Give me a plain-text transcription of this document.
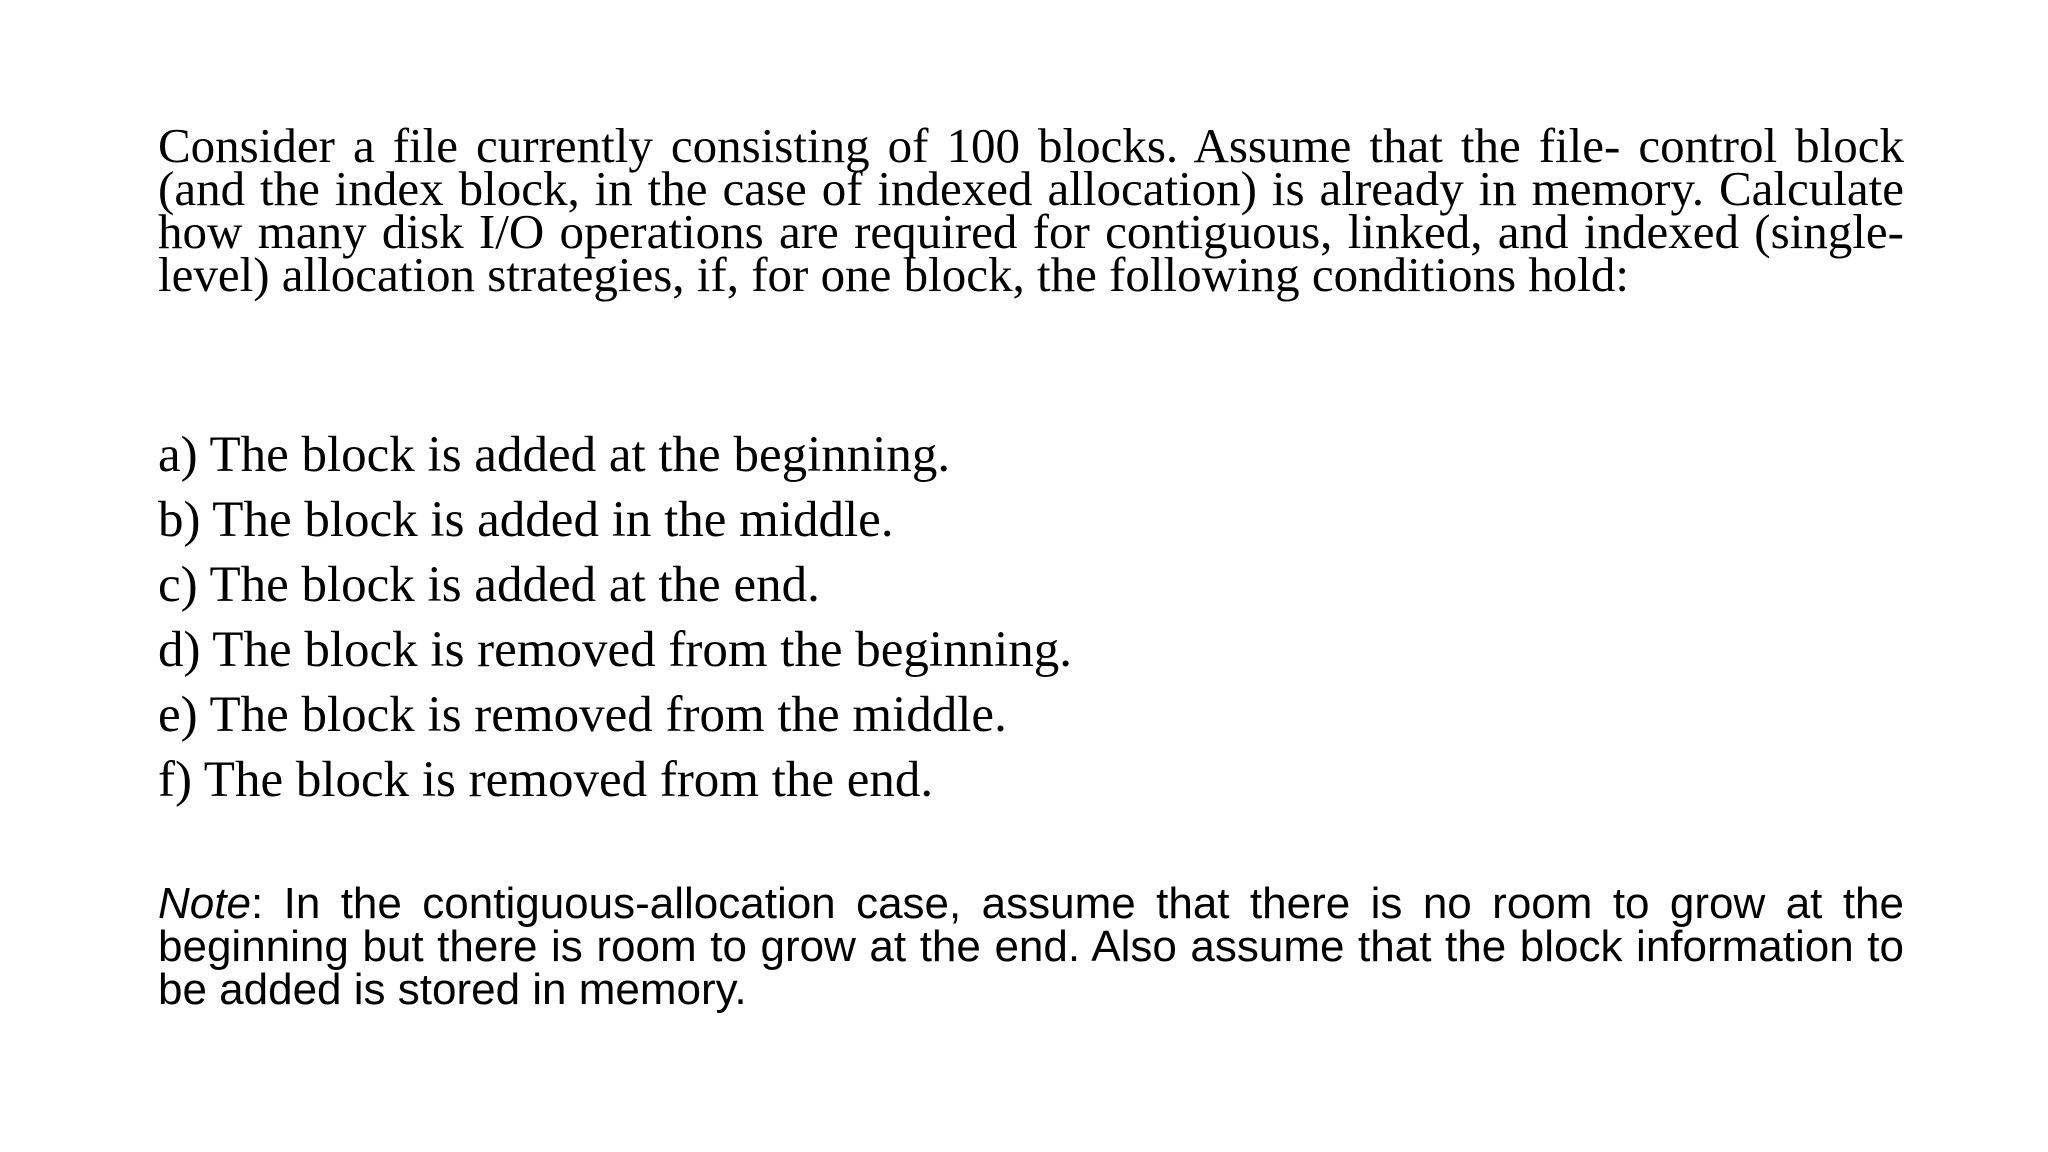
Consider a file currently consisting of 100 blocks. Assume that the file- control block (and the index block, in the case of indexed allocation) is already in memory. Calculate how many disk I/O operations are required for contiguous, linked, and indexed (single-level) allocation strategies, if, for one block, the following conditions hold:

a) The block is added at the beginning.
b) The block is added in the middle.
c) The block is added at the end.
d) The block is removed from the beginning.
e) The block is removed from the middle.
f) The block is removed from the end.

Note: In the contiguous-allocation case, assume that there is no room to grow at the beginning but there is room to grow at the end. Also assume that the block information to be added is stored in memory.
